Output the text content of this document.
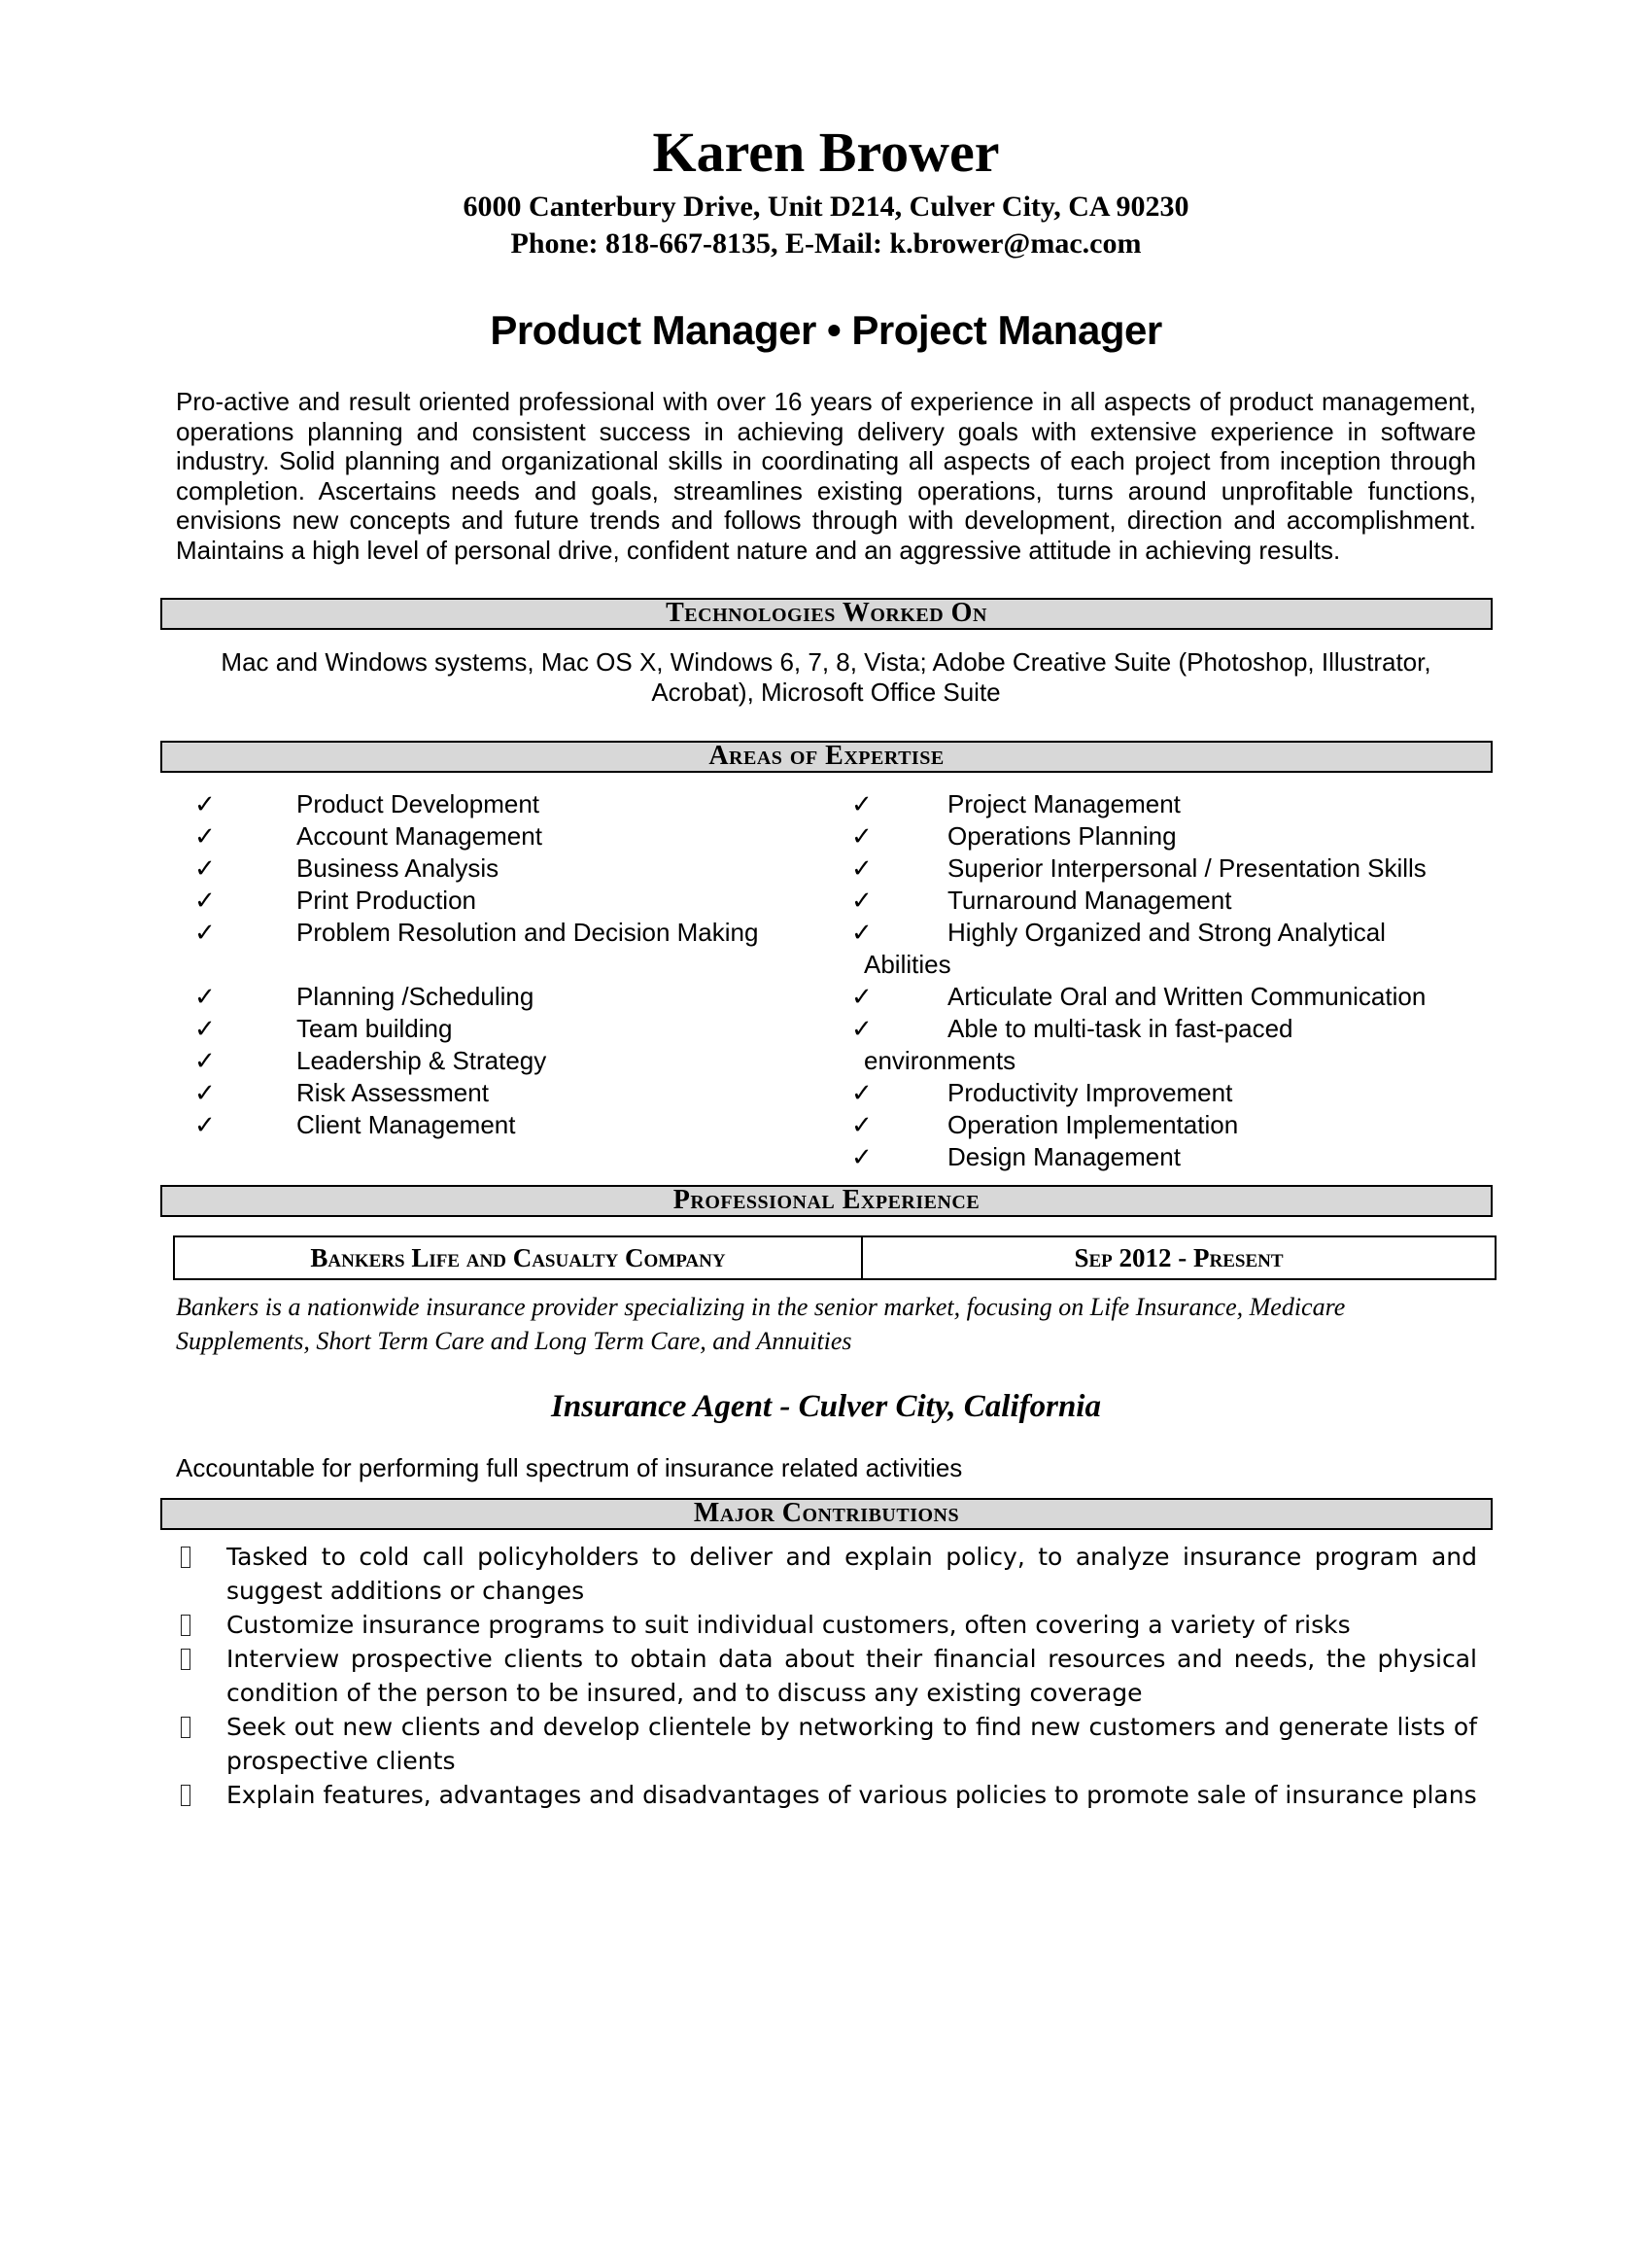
Karen Brower
6000 Canterbury Drive, Unit D214, Culver City, CA 90230
Phone: 818-667-8135, E-Mail: k.brower@mac.com
Product Manager • Project Manager
Pro-active and result oriented professional with over 16 years of experience in all aspects of product management, operations planning and consistent success in achieving delivery goals with extensive experience in software industry. Solid planning and organizational skills in coordinating all aspects of each project from inception through completion. Ascertains needs and goals, streamlines existing operations, turns around unprofitable functions, envisions new concepts and future trends and follows through with development, direction and accomplishment. Maintains a high level of personal drive, confident nature and an aggressive attitude in achieving results.
Technologies Worked On
Mac and Windows systems, Mac OS X, Windows 6, 7, 8, Vista; Adobe Creative Suite (Photoshop, Illustrator, Acrobat), Microsoft Office Suite
Areas of Expertise
✓	Product Development
✓	Account Management
✓	Business Analysis
✓	Print Production
✓	Problem Resolution and Decision Making
✓	Planning /Scheduling
✓	Team building
✓	Leadership & Strategy
✓	Risk Assessment
✓	Client Management
✓	Project Management
✓	Operations Planning
✓	Superior Interpersonal / Presentation Skills
✓	Turnaround Management
✓	Highly Organized and Strong Analytical
Abilities
✓	Articulate Oral and Written Communication
✓	Able to multi-task in fast-paced
environments
✓	Productivity Improvement
✓	Operation Implementation
✓	Design Management
Professional Experience
Bankers Life and Casualty Company	Sep 2012 - Present
Bankers is a nationwide insurance provider specializing in the senior market, focusing on Life Insurance, Medicare Supplements, Short Term Care and Long Term Care, and Annuities
Insurance Agent - Culver City, California
Accountable for performing full spectrum of insurance related activities
Major Contributions
Tasked to cold call policyholders to deliver and explain policy, to analyze insurance program and suggest additions or changes
Customize insurance programs to suit individual customers, often covering a variety of risks
Interview prospective clients to obtain data about their financial resources and needs, the physical condition of the person to be insured, and to discuss any existing coverage
Seek out new clients and develop clientele by networking to find new customers and generate lists of prospective clients
Explain features, advantages and disadvantages of various policies to promote sale of insurance plans
